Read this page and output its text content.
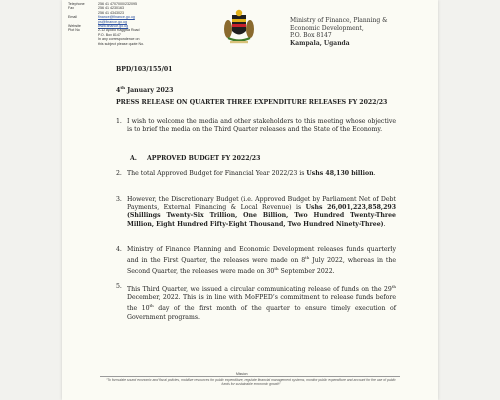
Telephone	256 41 4707000/232095
Fax	256 41 4230163
256 41 4343023
Email	finance@finance.go.ug
ps@finance.go.ug
Website	www.finance.go.ug
Plot No	2-12 Apollo Kaggwa Road
P.O. Box 8147
In any correspondence on
this subject please quote No.
Ministry of Finance, Planning &
Economic Development,
P.O. Box 8147
Kampala, Uganda
BPD/103/155/01
4th January 2023
PRESS RELEASE ON QUARTER THREE EXPENDITURE RELEASES FY 2022/23
1. I wish to welcome the media and other stakeholders to this meeting whose objective is to brief the media on the Third Quarter releases and the State of the Economy.
A. APPROVED BUDGET FY 2022/23
2. The total Approved Budget for Financial Year 2022/23 is Ushs 48,130 billion.
3. However, the Discretionary Budget (i.e. Approved Budget by Parliament Net of Debt Payments, External Financing & Local Revenue) is Ushs 26,001,223,858,293 (Shillings Twenty-Six Trillion, One Billion, Two Hundred Twenty-Three Million, Eight Hundred Fifty-Eight Thousand, Two Hundred Ninety-Three).
4. Ministry of Finance Planning and Economic Development releases funds quarterly and in the First Quarter, the releases were made on 8th July 2022, whereas in the Second Quarter, the releases were made on 30th September 2022.
5. This Third Quarter, we issued a circular communicating release of funds on the 29th December, 2022. This is in line with MoFPED’s commitment to release funds before the 10th day of the first month of the quarter to ensure timely execution of Government programs.
Mission
“To formulate sound economic and fiscal policies, mobilize resources for public expenditure, regulate financial management systems, monitor public expenditure and account for the use of public funds for sustainable economic growth”
